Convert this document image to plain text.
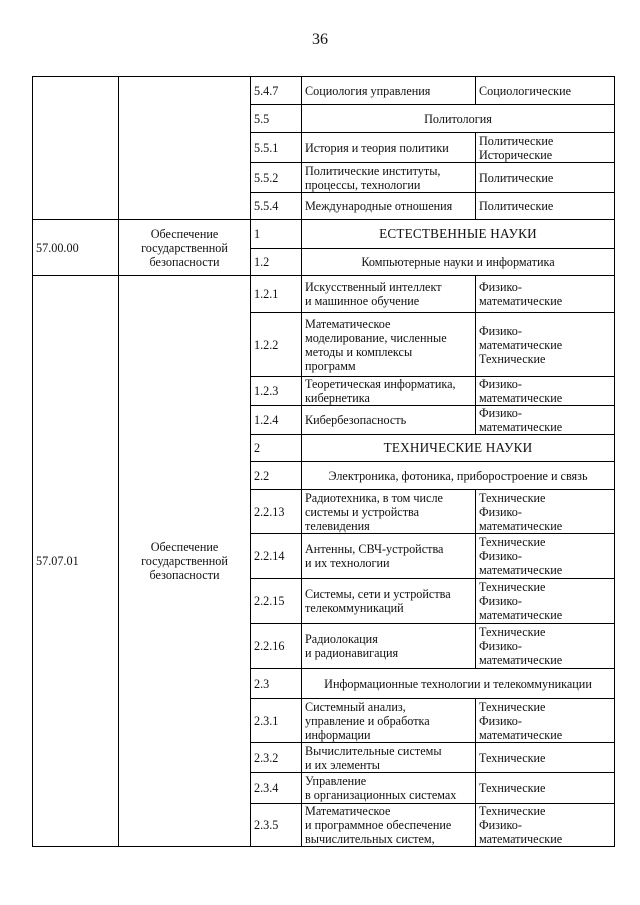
36
		5.4.7	Социология управления	Социологические

		5.5	Политология	
		5.5.1	История и теория политики	Политические
Исторические

		5.5.2	Политические институты,
процессы, технологии	Политические

		5.5.4	Международные отношения	Политические

57.00.00	Обеспечение
государственной
безопасности	1	ЕСТЕСТВЕННЫЕ НАУКИ	
		1.2	Компьютерные науки и информатика	
57.07.01	Обеспечение
государственной
безопасности	1.2.1	Искусственный интеллект
и машинное обучение	Физико-
математические

		1.2.2	Математическое
моделирование, численные
методы и комплексы
программ	Физико-
математические
Технические

		1.2.3	Теоретическая информатика,
кибернетика	Физико-
математические

		1.2.4	Кибербезопасность	Физико-
математические

		2	ТЕХНИЧЕСКИЕ НАУКИ	
		2.2	Электроника, фотоника, приборостроение и связь	
		2.2.13	Радиотехника, в том числе
системы и устройства
телевидения	Технические
Физико-
математические

		2.2.14	Антенны, СВЧ-устройства
и их технологии	Технические
Физико-
математические

		2.2.15	Системы, сети и устройства
телекоммуникаций	Технические
Физико-
математические

		2.2.16	Радиолокация
и радионавигация	Технические
Физико-
математические

		2.3	Информационные технологии и телекоммуникации	
		2.3.1	Системный анализ,
управление и обработка
информации	Технические
Физико-
математические

		2.3.2	Вычислительные системы
и их элементы	Технические

		2.3.4	Управление
в организационных системах	Технические

		2.3.5	Математическое
и программное обеспечение
вычислительных систем,	Технические
Физико-
математические
